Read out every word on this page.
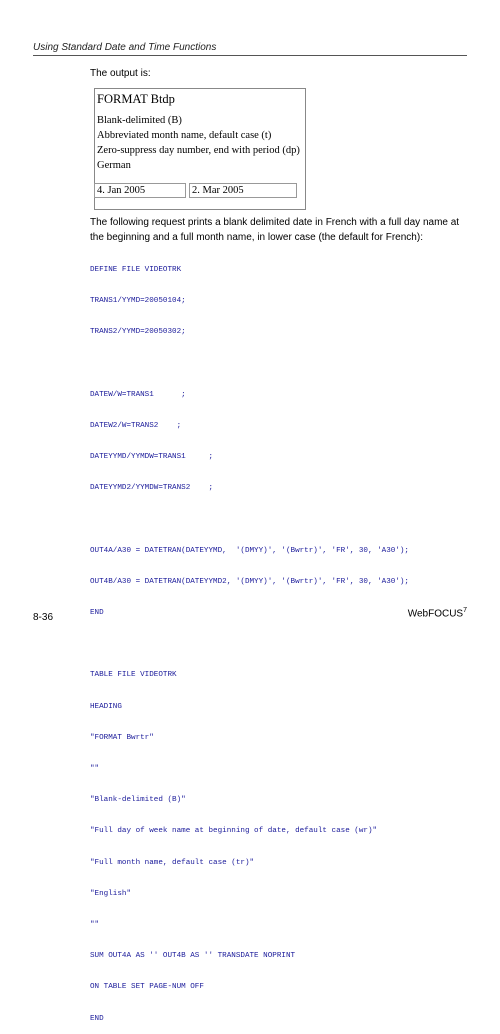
Using Standard Date and Time Functions
The output is:
FORMAT Btdp
Blank-delimited (B)
Abbreviated month name, default case (t)
Zero-suppress day number, end with period (dp)
German
4. Jan 2005	2. Mar 2005
The following request prints a blank delimited date in French with a full day name at the beginning and a full month name, in lower case (the default for French):

DEFINE FILE VIDEOTRK

TRANS1/YYMD=20050104;

TRANS2/YYMD=20050302;

DATEW/W=TRANS1      ;

DATEW2/W=TRANS2    ;

DATEYYMD/YYMDW=TRANS1     ;

DATEYYMD2/YYMDW=TRANS2    ;

OUT4A/A30 = DATETRAN(DATEYYMD,  '(DMYY)', '(Bwrtr)', 'FR', 30, 'A30');

OUT4B/A30 = DATETRAN(DATEYYMD2, '(DMYY)', '(Bwrtr)', 'FR', 30, 'A30');

END

TABLE FILE VIDEOTRK

HEADING

"FORMAT Bwrtr"

""

"Blank-delimited (B)"

"Full day of week name at beginning of date, default case (wr)"

"Full month name, default case (tr)"

"English"

""

SUM OUT4A AS '' OUT4B AS '' TRANSDATE NOPRINT

ON TABLE SET PAGE-NUM OFF

END

8-36	WebFOCUS$^7$
